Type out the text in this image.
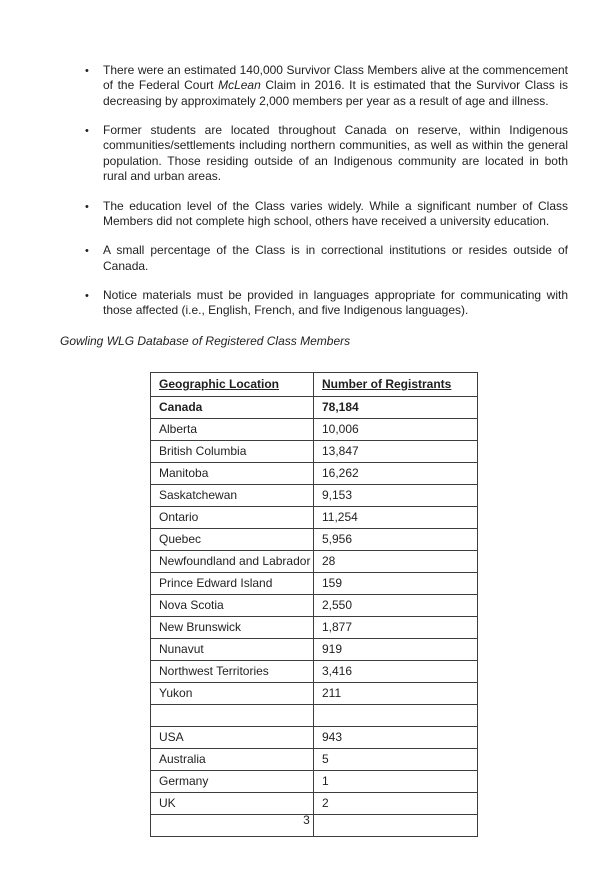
•	There were an estimated 140,000 Survivor Class Members alive at the commencement of the Federal Court McLean Claim in 2016. It is estimated that the Survivor Class is decreasing by approximately 2,000 members per year as a result of age and illness.
•	Former students are located throughout Canada on reserve, within Indigenous communities/settlements including northern communities, as well as within the general population. Those residing outside of an Indigenous community are located in both rural and urban areas.
•	The education level of the Class varies widely. While a significant number of Class Members did not complete high school, others have received a university education.
•	A small percentage of the Class is in correctional institutions or resides outside of Canada.
•	Notice materials must be provided in languages appropriate for communicating with those affected (i.e., English, French, and five Indigenous languages).
Gowling WLG Database of Registered Class Members
Geographic Location	Number of Registrants
Canada	78,184
Alberta	10,006
British Columbia	13,847
Manitoba	16,262
Saskatchewan	9,153
Ontario	11,254
Quebec	5,956
Newfoundland and Labrador	28
Prince Edward Island	159
Nova Scotia	2,550
New Brunswick	1,877
Nunavut	919
Northwest Territories	3,416
Yukon	211

USA	943
Australia	5
Germany	1
UK	2

3
